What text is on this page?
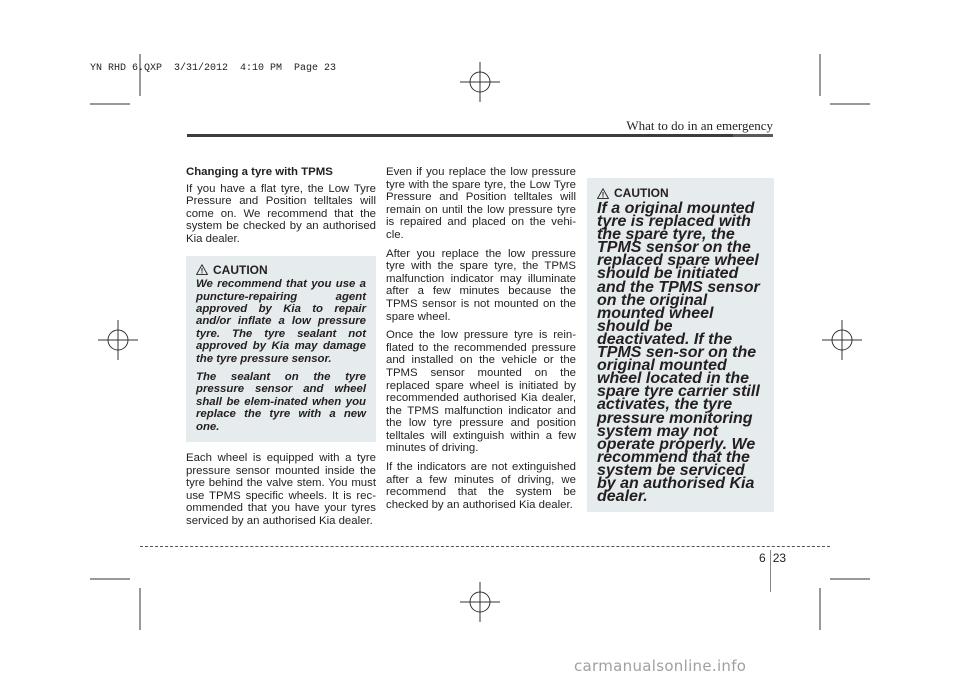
YN RHD 6.QXP  3/31/2012  4:10 PM  Page 23
What to do in an emergency

Changing a tyre with TPMS

If you have a flat tyre, the Low Tyre Pressure and Position telltales will come on. We recommend that the system be checked by an authorised Kia dealer.

CAUTION

We recommend that you use a puncture-repairing agent approved by Kia to repair and/or inflate a low pressure tyre. The tyre sealant not approved by Kia may damage the tyre pressure sensor.

The sealant on the tyre pressure sensor and wheel shall be elem-inated when you replace the tyre with a new one.

Each wheel is equipped with a tyre pressure sensor mounted inside the tyre behind the valve stem. You must use TPMS specific wheels. It is rec-ommended that you have your tyres serviced by an authorised Kia dealer.

Even if you replace the low pressure tyre with the spare tyre, the Low Tyre Pressure and Position telltales will remain on until the low pressure tyre is repaired and placed on the vehi-cle.

After you replace the low pressure tyre with the spare tyre, the TPMS malfunction indicator may illuminate after a few minutes because the TPMS sensor is not mounted on the spare wheel.

Once the low pressure tyre is rein-flated to the recommended pressure and installed on the vehicle or the TPMS sensor mounted on the replaced spare wheel is initiated by recommended authorised Kia dealer, the TPMS malfunction indicator and the low tyre pressure and position telltales will extinguish within a few minutes of driving.

If the indicators are not extinguished after a few minutes of driving, we recommend that the system be checked by an authorised Kia dealer.

CAUTION

If a original mounted tyre is replaced with the spare tyre, the TPMS sensor on the replaced spare wheel should be initiated and the TPMS sensor on the original mounted wheel should be deactivated. If the TPMS sen-sor on the original mounted wheel located in the spare tyre carrier still activates, the tyre pressure monitoring system may not operate properly. We recommend that the system be serviced by an authorised Kia dealer.

6 23
carmanualsonline.info
